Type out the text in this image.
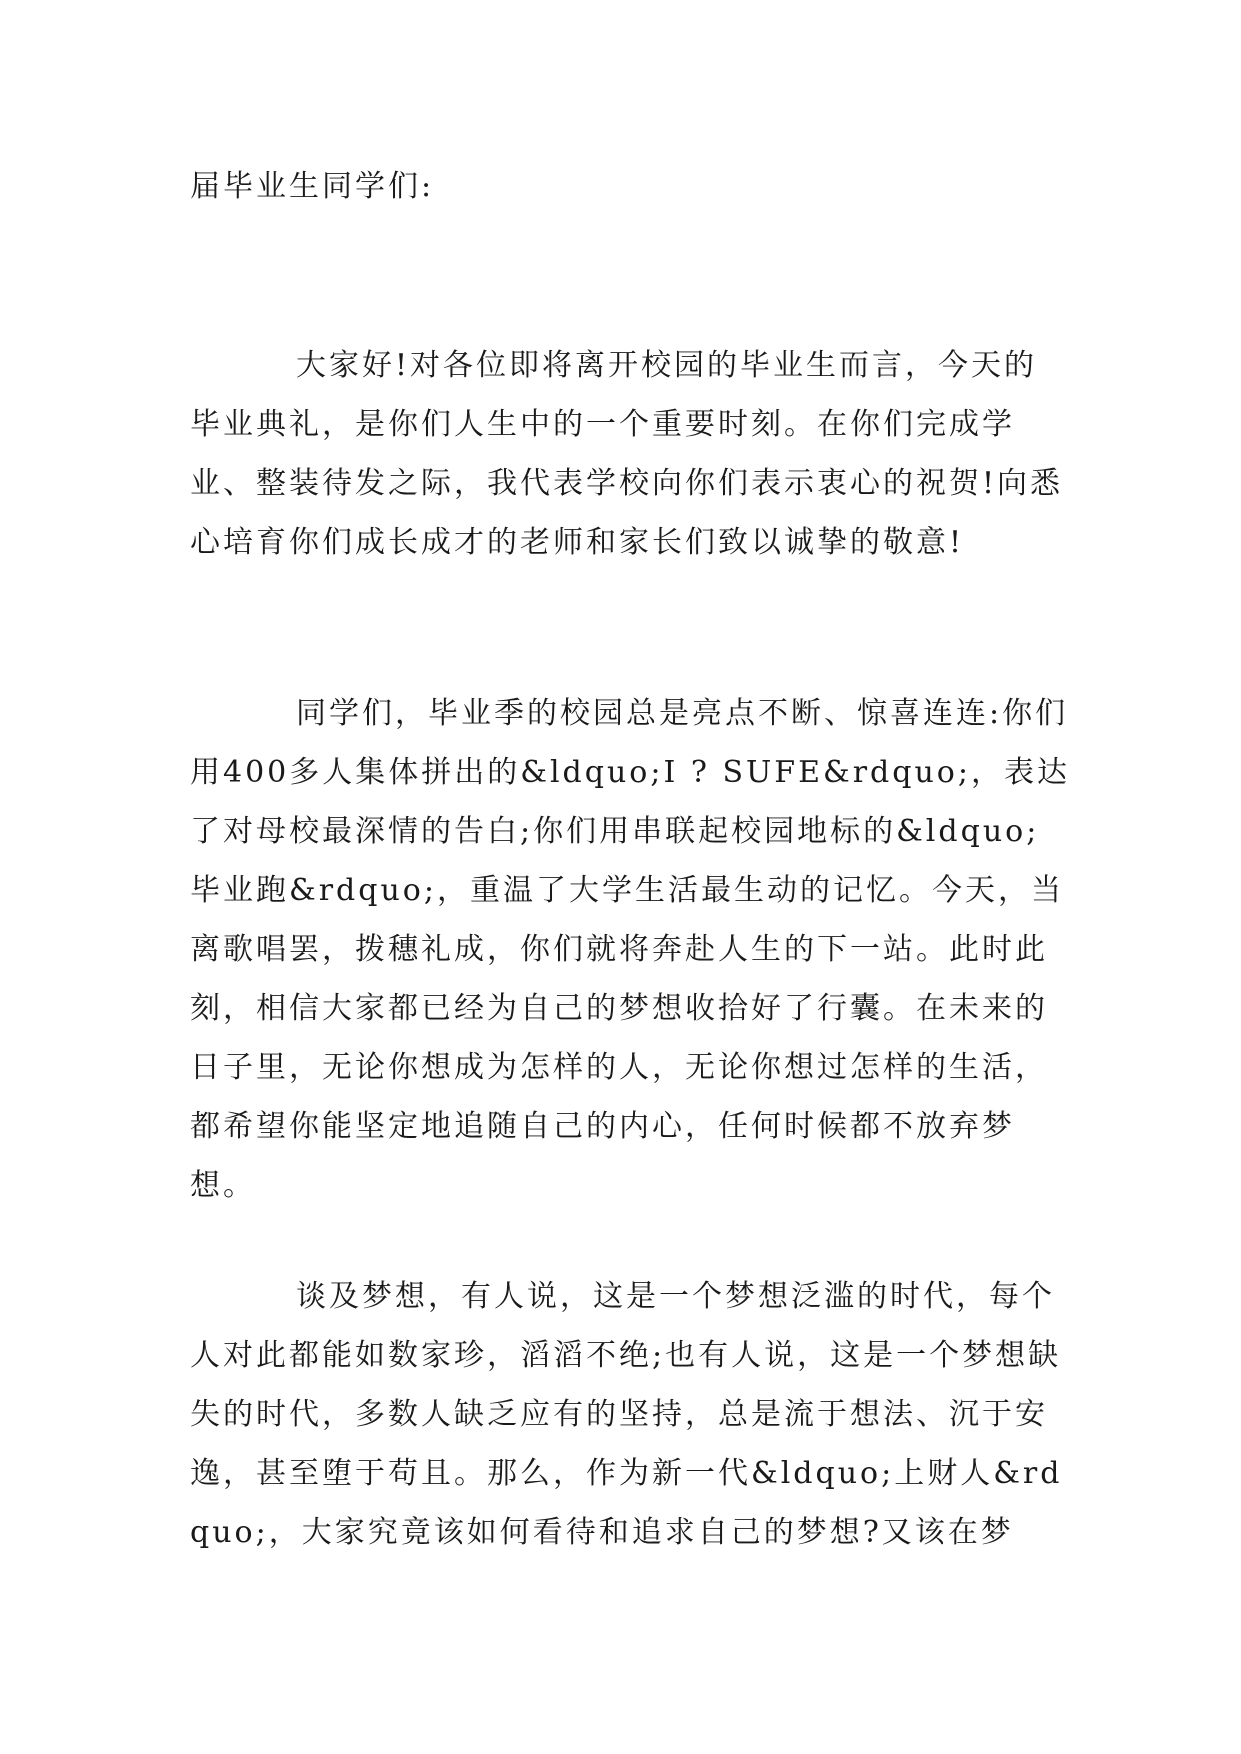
届毕业生同学们:

大家好!对各位即将离开校园的毕业生而言，今天的毕业典礼，是你们人生中的一个重要时刻。在你们完成学业、整装待发之际，我代表学校向你们表示衷心的祝贺!向悉心培育你们成长成才的老师和家长们致以诚挚的敬意!

同学们，毕业季的校园总是亮点不断、惊喜连连:你们用400多人集体拼出的&ldquo;I ? SUFE&rdquo;，表达了对母校最深情的告白;你们用串联起校园地标的&ldquo;毕业跑&rdquo;，重温了大学生活最生动的记忆。今天，当离歌唱罢，拨穗礼成，你们就将奔赴人生的下一站。此时此刻，相信大家都已经为自己的梦想收拾好了行囊。在未来的日子里，无论你想成为怎样的人，无论你想过怎样的生活，都希望你能坚定地追随自己的内心，任何时候都不放弃梦想。

谈及梦想，有人说，这是一个梦想泛滥的时代，每个人对此都能如数家珍，滔滔不绝;也有人说，这是一个梦想缺失的时代，多数人缺乏应有的坚持，总是流于想法、沉于安逸，甚至堕于苟且。那么，作为新一代&ldquo;上财人&rdquo;，大家究竟该如何看待和追求自己的梦想?又该在梦
